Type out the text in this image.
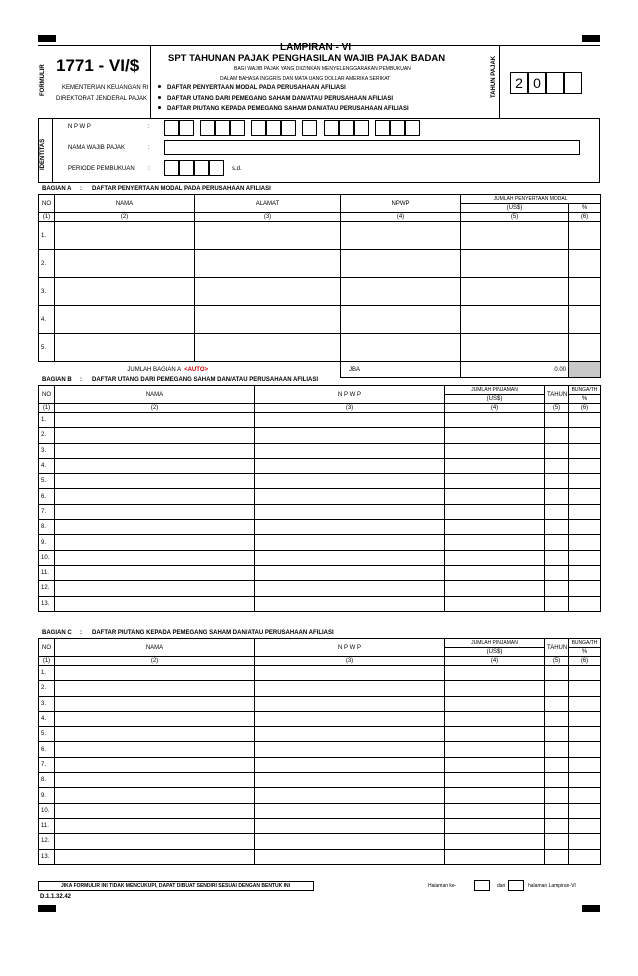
FORMULIR 1771 - VI/$
KEMENTERIAN KEUANGAN RI
DIREKTORAT JENDERAL PAJAK
LAMPIRAN - VI
SPT TAHUNAN PAJAK PENGHASILAN WAJIB PAJAK BADAN
BAGI WAJIB PAJAK YANG DIIZINKAN MENYELENGGARAKAN PEMBUKUAN
DALAM BAHASA INGGRIS DAN MATA UANG DOLLAR AMERIKA SERIKAT
DAFTAR PENYERTAAN MODAL PADA PERUSAHAAN AFILIASI
DAFTAR UTANG DARI PEMEGANG SAHAM DAN/ATAU PERUSAHAAN AFILIASI
DAFTAR PIUTANG KEPADA PEMEGANG SAHAM DAN/ATAU PERUSAHAAN AFILIASI
TAHUN PAJAK	2 0
IDENTITAS
N P W P	:
NAMA WAJIB PAJAK	:
PERIODE PEMBUKUAN :	s.d.
BAGIAN A : DAFTAR PENYERTAAN MODAL PADA PERUSAHAAN AFILIASI
NO	NAMA	ALAMAT	NPWP	JUMLAH PENYERTAAN MODAL	
				(US$)	%
(1)	(2)	(3)	(4)	(5)	(6)
1.					
2.					
3.					
4.					
5.					
JUMLAH BAGIAN A <AUTO>			JBA	0.00	
BAGIAN B : DAFTAR UTANG DARI PEMEGANG SAHAM DAN/ATAU PERUSAHAAN AFILIASI
NO	NAMA	N P W P	JUMLAH PINJAMAN	TAHUN	BUNGA/TH
			(US$)		%
(1)	(2)	(3)	(4)	(5)	(6)
1.					
2.					
3.					
4.					
5.					
6.					
7.					
8.					
9.					
10.					
11.					
12.					
13.					
BAGIAN C : DAFTAR PIUTANG KEPADA PEMEGANG SAHAM DAN/ATAU PERUSAHAAN AFILIASI
NO	NAMA	N P W P	JUMLAH PINJAMAN	TAHUN	BUNGA/TH
			(US$)		%
(1)	(2)	(3)	(4)	(5)	(6)
1.					
2.					
3.					
4.					
5.					
6.					
7.					
8.					
9.					
10.					
11.					
12.					
13.					
JIKA FORMULIR INI TIDAK MENCUKUPI, DAPAT DIBUAT SENDIRI SESUAI DENGAN BENTUK INI	Halaman ke-	dari	halaman Lampiran-VI
D.1.1.32.42
